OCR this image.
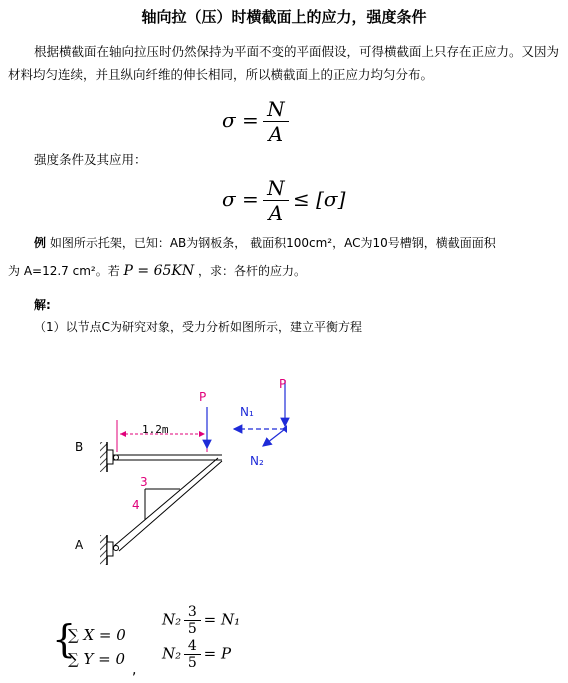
轴向拉（压）时横截面上的应力，强度条件
根据横截面在轴向拉压时仍然保持为平面不变的平面假设，可得横截面上只存在正应力。又因为材料均匀连续，并且纵向纤维的伸长相同，所以横截面上的正应力均匀分布。
$\sigma = \frac{N}{A}$
强度条件及其应用：
$\sigma = \frac{N}{A} \le [\sigma]$
例 如图所示托架，已知：AB为钢板条， 截面积100cm²，AC为10号槽钢，横截面面积
为 A=12.7 cm²。若 P = 65KN ，求：各杆的应力。
解:
（1）以节点C为研究对象，受力分析如图所示，建立平衡方程
B
A
P
1.2m
3
4
P
N₁
N₂
{
∑ X = 0
∑ Y = 0
$N_2 \frac{3}{5} = N_1$
$N_2 \frac{4}{5} = P$
,
